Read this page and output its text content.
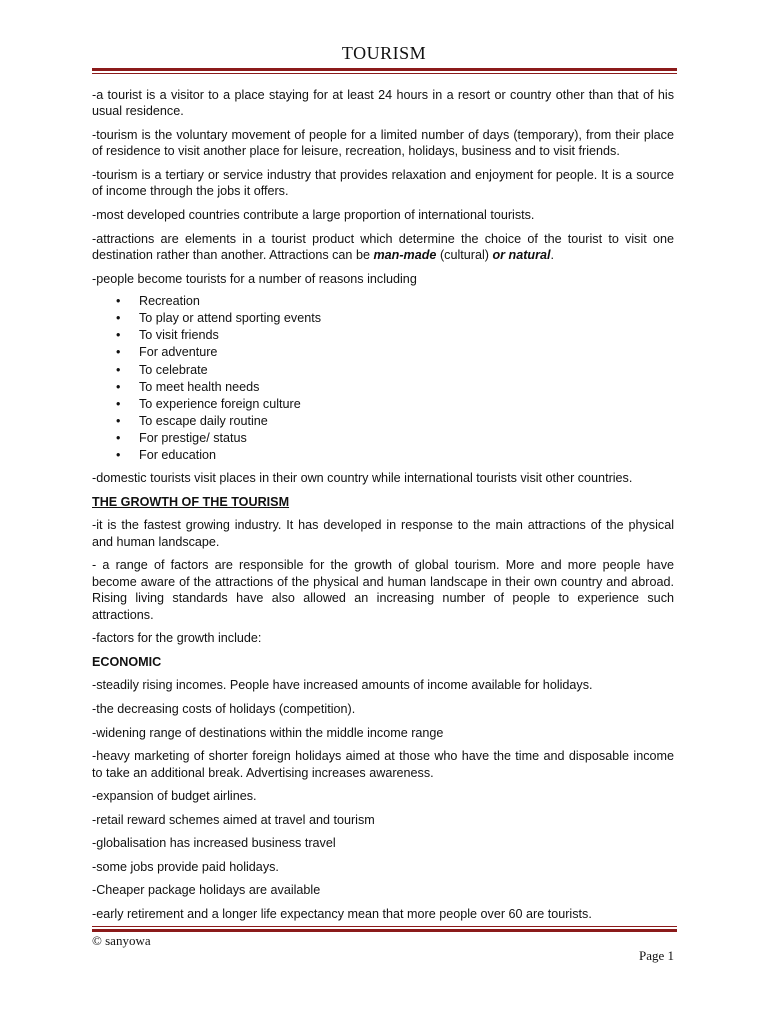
TOURISM

-a tourist is a visitor to a place staying for at least 24 hours in a resort or country other than that of his usual residence.

-tourism is the voluntary movement of people for a limited number of days (temporary), from their place of residence to visit another place for leisure, recreation, holidays, business and to visit friends.

-tourism is a tertiary or service industry that provides relaxation and enjoyment for people. It is a source of income through the jobs it offers.

-most developed countries contribute a large proportion of international tourists.

-attractions are elements in a tourist product which determine the choice of the tourist to visit one destination rather than another. Attractions can be man-made (cultural) or natural.

-people become tourists for a number of reasons including

• Recreation
• To play or attend sporting events
• To visit friends
• For adventure
• To celebrate
• To meet health needs
• To experience foreign culture
• To escape daily routine
• For prestige/ status
• For education

-domestic tourists visit places in their own country while international tourists visit other countries.

THE GROWTH OF THE TOURISM

-it is the fastest growing industry. It has developed in response to the main attractions of the physical and human landscape.

- a range of factors are responsible for the growth of global tourism. More and more people have become aware of the attractions of the physical and human landscape in their own country and abroad. Rising living standards have also allowed an increasing number of people to experience such attractions.

-factors for the growth include:

ECONOMIC

-steadily rising incomes. People have increased amounts of income available for holidays.

-the decreasing costs of holidays (competition).

-widening range of destinations within the middle income range

-heavy marketing of shorter foreign holidays aimed at those who have the time and disposable income to take an additional break. Advertising increases awareness.

-expansion of budget airlines.

-retail reward schemes aimed at travel and tourism

-globalisation has increased business travel

-some jobs provide paid holidays.

-Cheaper package holidays are available

-early retirement and a longer life expectancy mean that more people over 60 are tourists.

© sanyowa
Page 1
